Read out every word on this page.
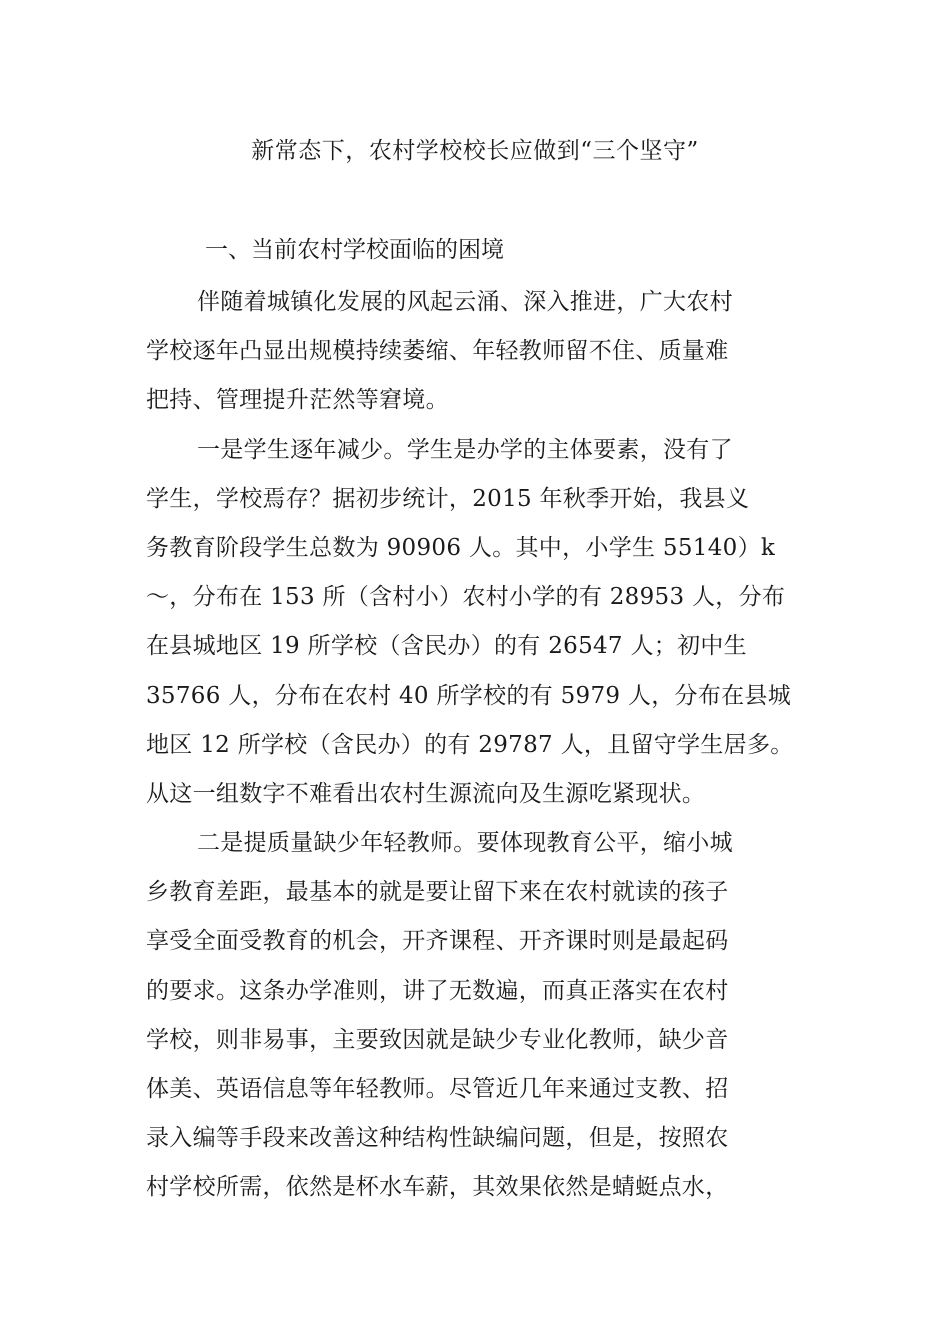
新常态下，农村学校校长应做到“三个坚守”
一、当前农村学校面临的困境
伴随着城镇化发展的风起云涌、深入推进，广大农村
学校逐年凸显出规模持续萎缩、年轻教师留不住、质量难
把持、管理提升茫然等窘境。
一是学生逐年减少。学生是办学的主体要素，没有了
学生，学校焉存？据初步统计，2015 年秋季开始，我县义
务教育阶段学生总数为 90906 人。其中，小学生 55140）k
～，分布在 153 所（含村小）农村小学的有 28953 人，分布
在县城地区 19 所学校（含民办）的有 26547 人；初中生
35766 人，分布在农村 40 所学校的有 5979 人，分布在县城
地区 12 所学校（含民办）的有 29787 人，且留守学生居多。
从这一组数字不难看出农村生源流向及生源吃紧现状。
二是提质量缺少年轻教师。要体现教育公平，缩小城
乡教育差距，最基本的就是要让留下来在农村就读的孩子
享受全面受教育的机会，开齐课程、开齐课时则是最起码
的要求。这条办学准则，讲了无数遍，而真正落实在农村
学校，则非易事，主要致因就是缺少专业化教师，缺少音
体美、英语信息等年轻教师。尽管近几年来通过支教、招
录入编等手段来改善这种结构性缺编问题，但是，按照农
村学校所需，依然是杯水车薪，其效果依然是蜻蜓点水，
